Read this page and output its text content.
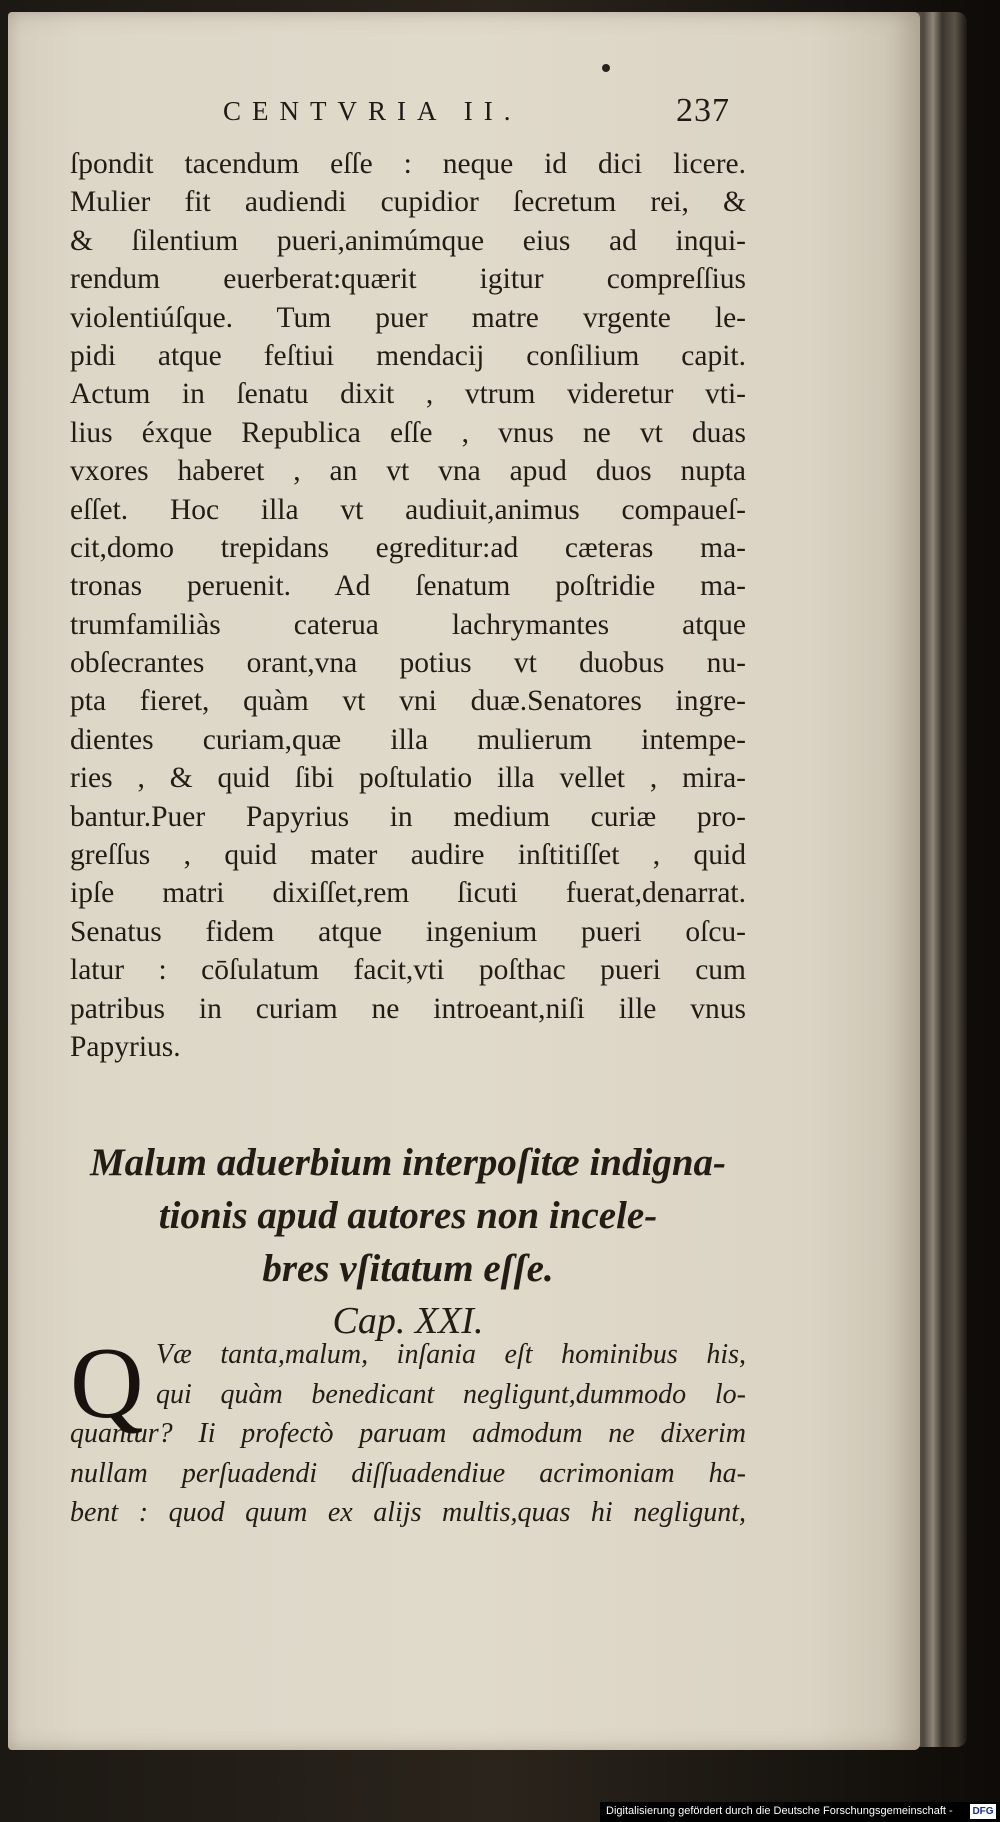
CENTVRIA II.	237
ſpondit tacendum eſſe : neque id dici licere.
Mulier fit audiendi cupidior ſecretum rei, &
& ſilentium pueri,animúmque eius ad inqui-
rendum euerberat:quærit igitur compreſſius
violentiúſque. Tum puer matre vrgente le-
pidi atque feſtiui mendacij conſilium capit.
Actum in ſenatu dixit , vtrum videretur vti-
lius éxque Republica eſſe , vnus ne vt duas
vxores haberet , an vt vna apud duos nupta
eſſet. Hoc illa vt audiuit,animus compaueſ-
cit,domo trepidans egreditur:ad cæteras ma-
tronas peruenit. Ad ſenatum poſtridie ma-
trumfamiliàs caterua lachrymantes atque
obſecrantes orant,vna potius vt duobus nu-
pta fieret, quàm vt vni duæ.Senatores ingre-
dientes curiam,quæ illa mulierum intempe-
ries , & quid ſibi poſtulatio illa vellet , mira-
bantur.Puer Papyrius in medium curiæ pro-
greſſus , quid mater audire inſtitiſſet , quid
ipſe matri dixiſſet,rem ſicuti fuerat,denarrat.
Senatus fidem atque ingenium pueri oſcu-
latur : cōſulatum facit,vti poſthac pueri cum
patribus in curiam ne introeant,niſi ille vnus
Papyrius.
Malum aduerbium interpoſitæ indigna-
tionis apud autores non incele-
bres vſitatum eſſe.
Cap. XXI.
Q Væ tanta,malum, inſania eſt hominibus his,
qui quàm benedicant negligunt,dummodo lo-
quantur? Ii profectò paruam admodum ne dixerim
nullam perſuadendi diſſuadendiue acrimoniam ha-
bent : quod quum ex alijs multis,quas hi negligunt,
Digitalisierung gefördert durch die Deutsche Forschungsgemeinschaft - DFG
